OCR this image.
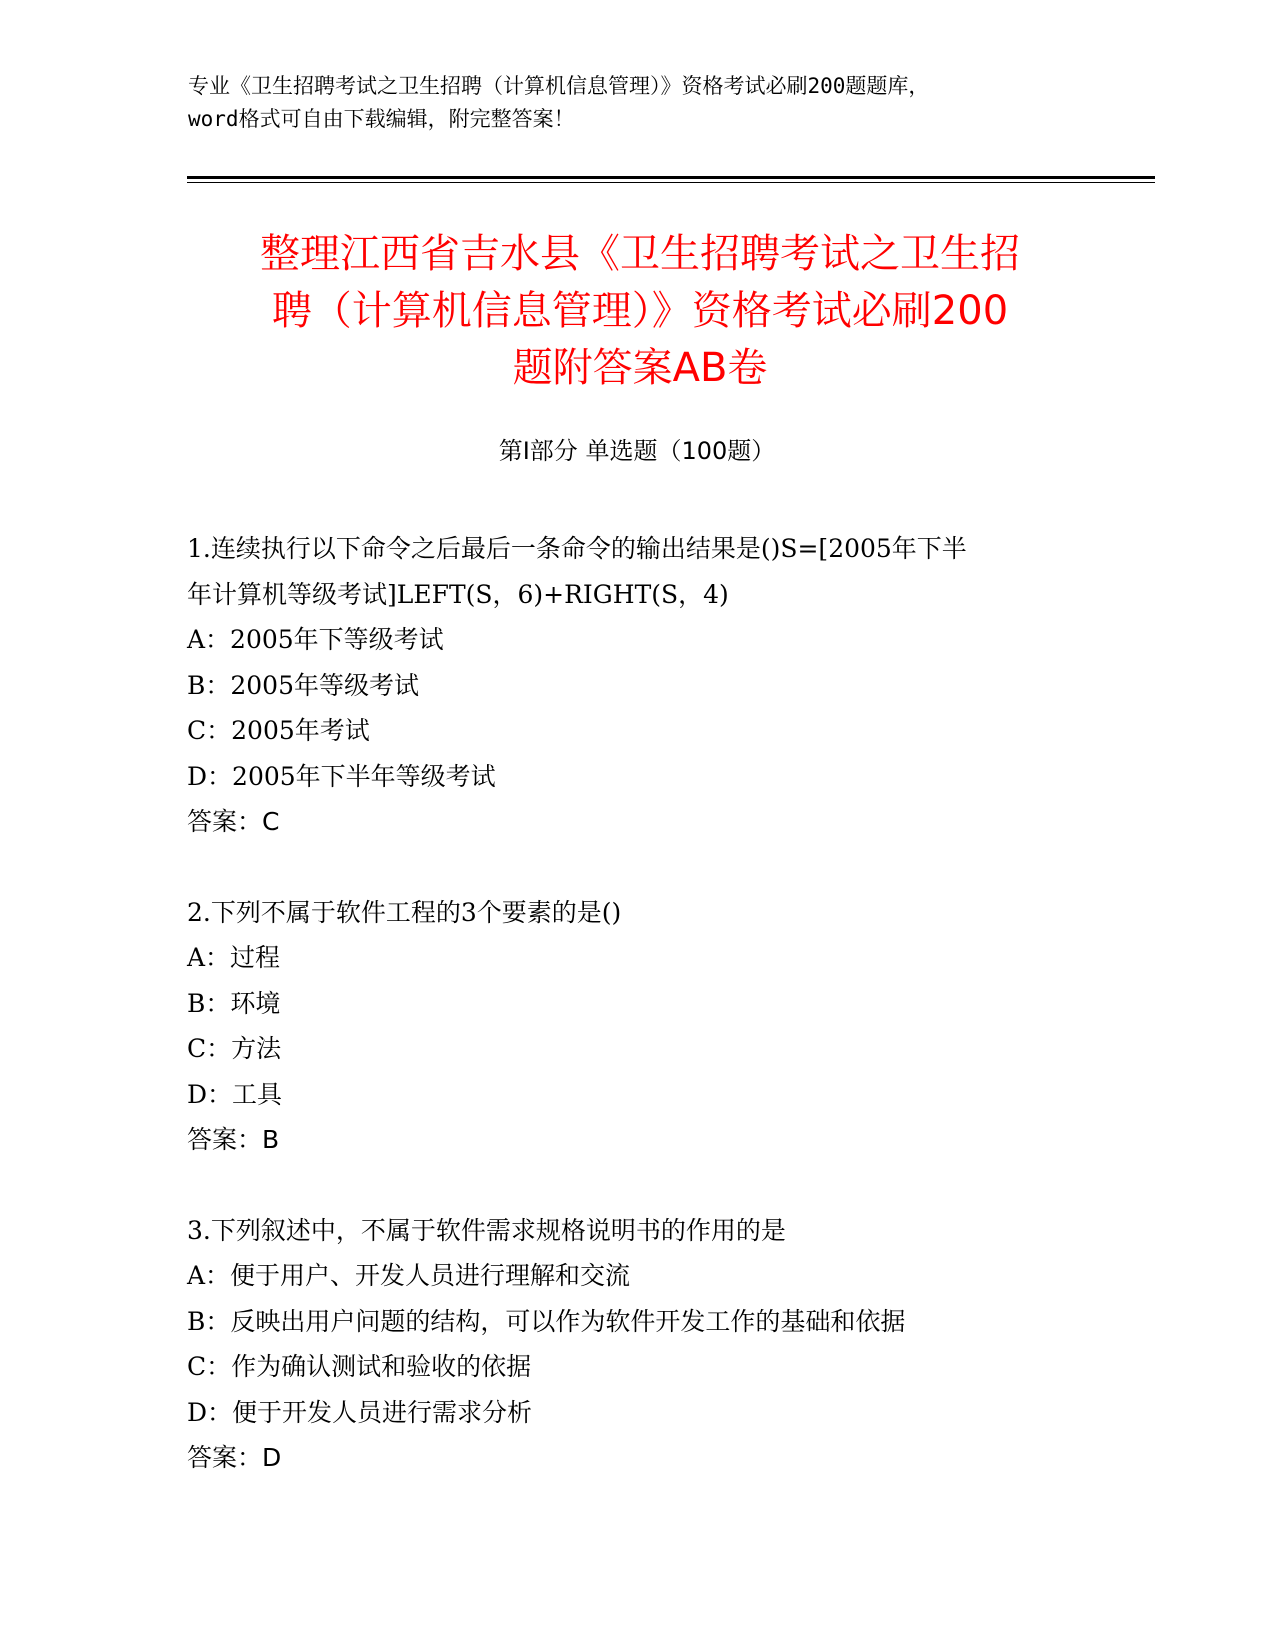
专业《卫生招聘考试之卫生招聘（计算机信息管理）》资格考试必刷200题题库，
word格式可自由下载编辑，附完整答案！
整理江西省吉水县《卫生招聘考试之卫生招
聘（计算机信息管理）》资格考试必刷200
题附答案AB卷
第Ⅰ部分 单选题（100题）
1.连续执行以下命令之后最后一条命令的输出结果是()S=[2005年下半
年计算机等级考试]LEFT(S，6)+RIGHT(S，4)
A：2005年下等级考试
B：2005年等级考试
C：2005年考试
D：2005年下半年等级考试
答案：C
2.下列不属于软件工程的3个要素的是()
A：过程
B：环境
C：方法
D：工具
答案：B
3.下列叙述中，不属于软件需求规格说明书的作用的是
A：便于用户、开发人员进行理解和交流
B：反映出用户问题的结构，可以作为软件开发工作的基础和依据
C：作为确认测试和验收的依据
D：便于开发人员进行需求分析
答案：D
